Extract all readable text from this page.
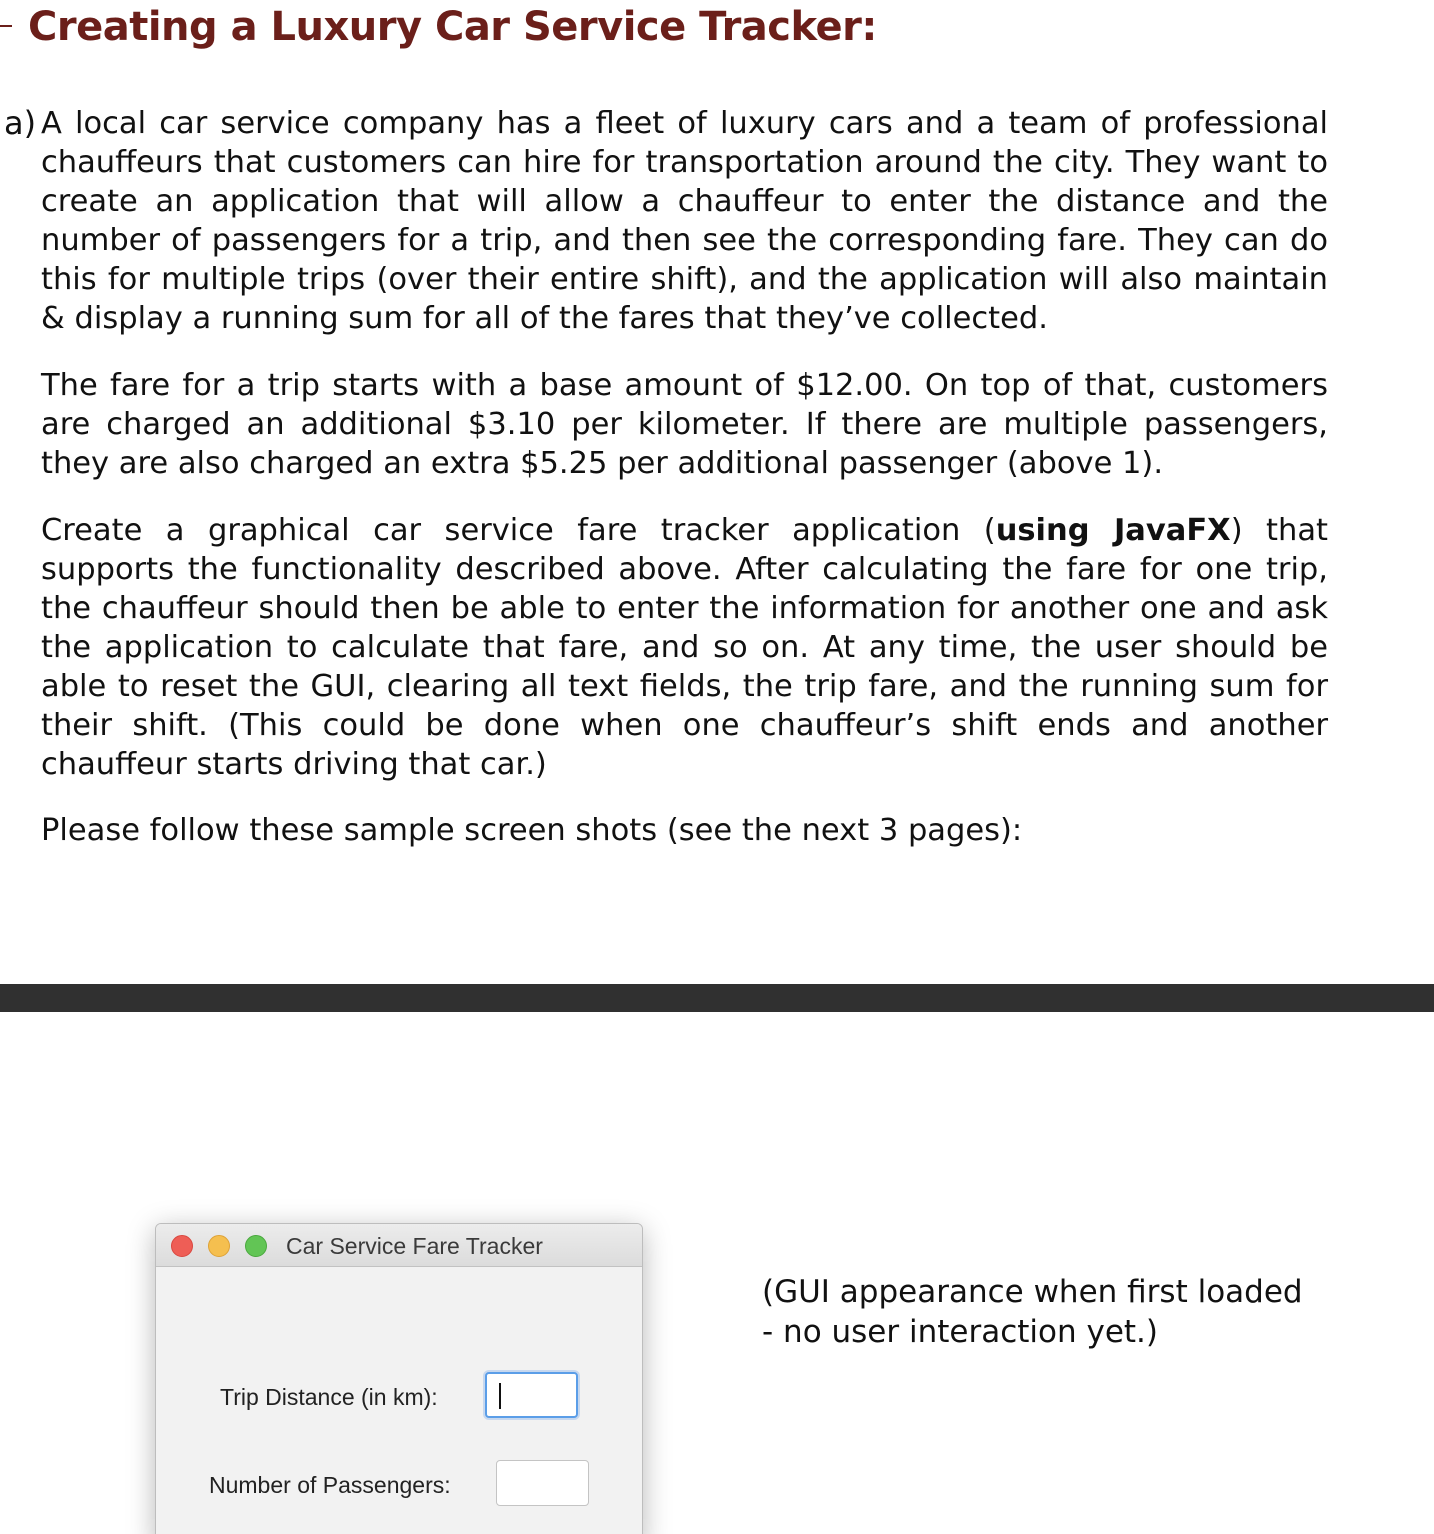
Creating a Luxury Car Service Tracker:
a) A local car service company has a fleet of luxury cars and a team of professional chauffeurs that customers can hire for transportation around the city. They want to create an application that will allow a chauffeur to enter the distance and the number of passengers for a trip, and then see the corresponding fare. They can do this for multiple trips (over their entire shift), and the application will also maintain & display a running sum for all of the fares that they’ve collected.

The fare for a trip starts with a base amount of $12.00. On top of that, customers are charged an additional $3.10 per kilometer. If there are multiple passengers, they are also charged an extra $5.25 per additional passenger (above 1).

Create a graphical car service fare tracker application (using JavaFX) that supports the functionality described above. After calculating the fare for one trip, the chauffeur should then be able to enter the information for another one and ask the application to calculate that fare, and so on. At any time, the user should be able to reset the GUI, clearing all text fields, the trip fare, and the running sum for their shift. (This could be done when one chauffeur’s shift ends and another chauffeur starts driving that car.)

Please follow these sample screen shots (see the next 3 pages):

Car Service Fare Tracker
Trip Distance (in km):
Number of Passengers:

(GUI appearance when first loaded - no user interaction yet.)
